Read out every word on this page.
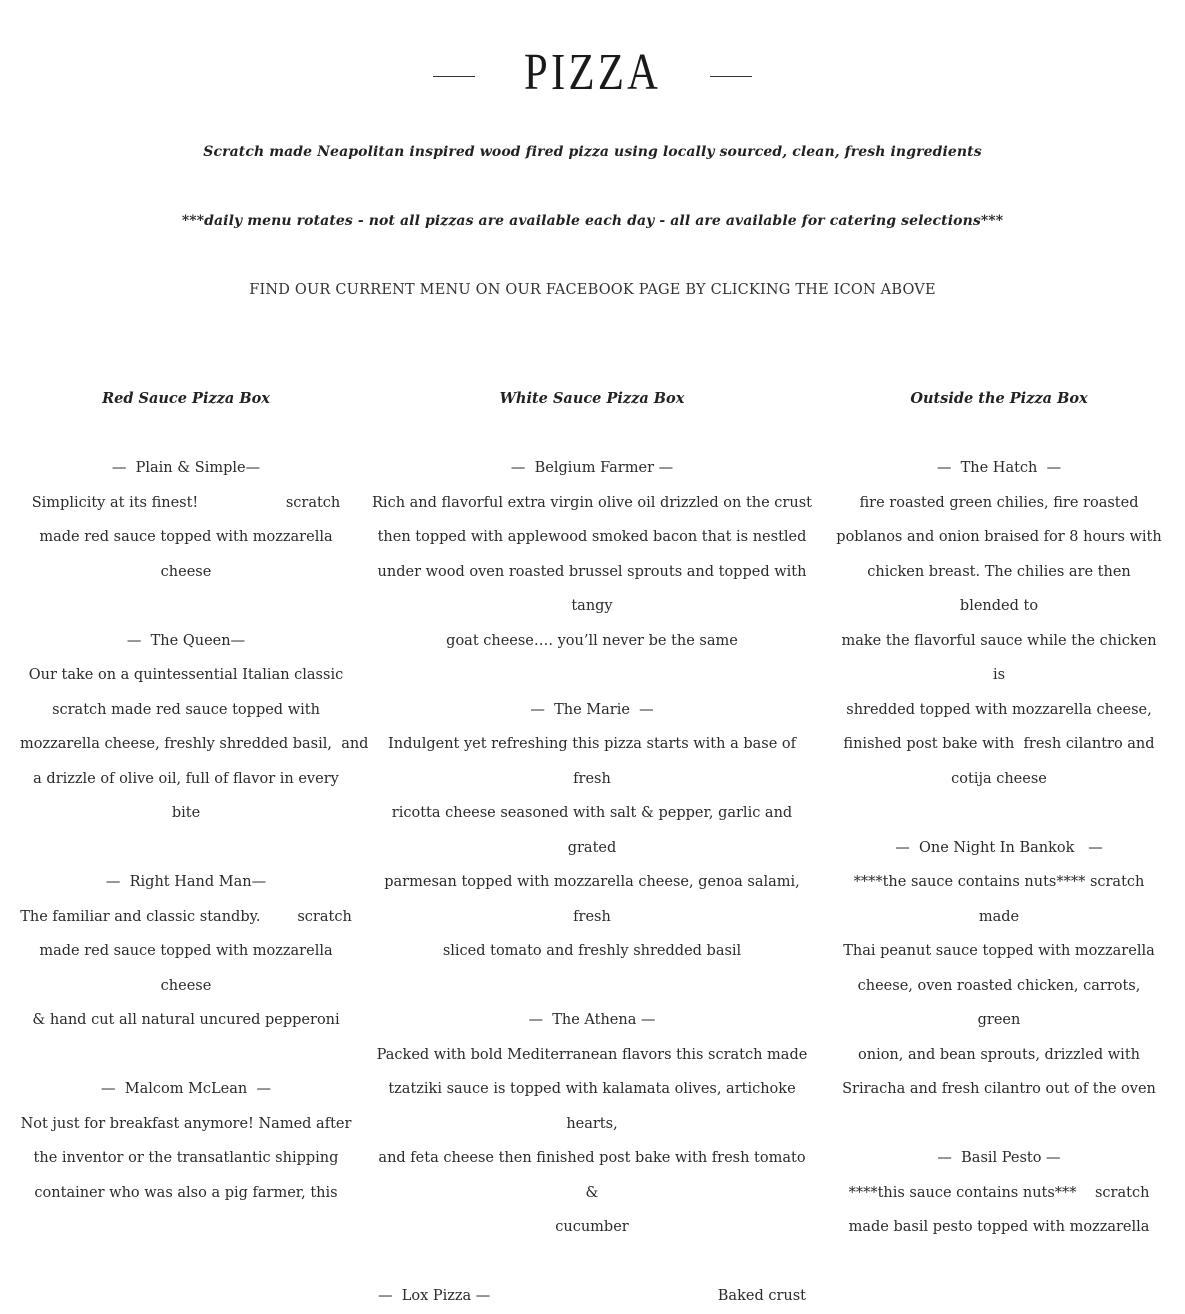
PIZZA
Scratch made Neapolitan inspired wood fired pizza using locally sourced, clean, fresh ingredients
***daily menu rotates - not all pizzas are available each day - all are available for catering selections***
FIND OUR CURRENT MENU ON OUR FACEBOOK PAGE BY CLICKING THE ICON ABOVE
Red Sauce Pizza Box
—  Plain & Simple—
Simplicity at its finest!                   scratch
made red sauce topped with mozzarella cheese
—  The Queen—
Our take on a quintessential Italian classic
scratch made red sauce topped with
mozzarella cheese, freshly shredded basil,  and
a drizzle of olive oil, full of flavor in every bite
—  Right Hand Man—
The familiar and classic standby.        scratch
made red sauce topped with mozzarella cheese
& hand cut all natural uncured pepperoni
—  Malcom McLean  —
Not just for breakfast anymore! Named after
the inventor or the transatlantic shipping
container who was also a pig farmer, this
White Sauce Pizza Box
—  Belgium Farmer —
Rich and flavorful extra virgin olive oil drizzled on the crust
then topped with applewood smoked bacon that is nestled
under wood oven roasted brussel sprouts and topped with tangy
goat cheese…. you’ll never be the same
—  The Marie  —
Indulgent yet refreshing this pizza starts with a base of fresh
ricotta cheese seasoned with salt & pepper, garlic and grated
parmesan topped with mozzarella cheese, genoa salami, fresh
sliced tomato and freshly shredded basil
—  The Athena —
Packed with bold Mediterranean flavors this scratch made
tzatziki sauce is topped with kalamata olives, artichoke hearts,
and feta cheese then finished post bake with fresh tomato &
cucumber
—  Lox Pizza —	Baked crust
Outside the Pizza Box
—  The Hatch  —
fire roasted green chilies, fire roasted
poblanos and onion braised for 8 hours with
chicken breast. The chilies are then blended to
make the flavorful sauce while the chicken is
shredded topped with mozzarella cheese,
finished post bake with  fresh cilantro and
cotija cheese
—  One Night In Bankok   —
****the sauce contains nuts**** scratch made
Thai peanut sauce topped with mozzarella
cheese, oven roasted chicken, carrots, green
onion, and bean sprouts, drizzled with
Sriracha and fresh cilantro out of the oven
—  Basil Pesto —
****this sauce contains nuts***    scratch
made basil pesto topped with mozzarella
